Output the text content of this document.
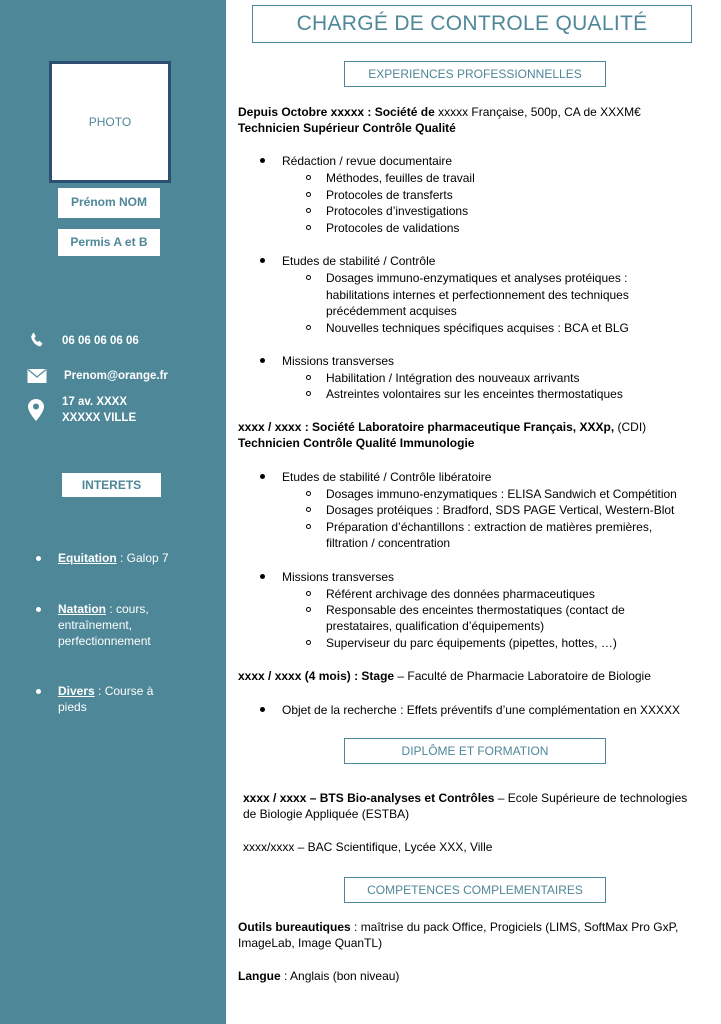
PHOTO
Prénom NOM
Permis A et B
06 06 06 06 06
Prenom@orange.fr
17 av. XXXX
XXXXX VILLE
INTERETS
Equitation : Galop 7
Natation : cours, entraînement, perfectionnement
Divers : Course à pieds
CHARGÉ DE CONTROLE QUALITÉ
EXPERIENCES PROFESSIONNELLES
Depuis Octobre xxxxx : Société de xxxxx Française, 500p, CA de XXXM€
Technicien Supérieur Contrôle Qualité
Rédaction / revue documentaire
Méthodes, feuilles de travail
Protocoles de transferts
Protocoles d’investigations
Protocoles de validations
Etudes de stabilité / Contrôle
Dosages immuno-enzymatiques et analyses protéiques :
habilitations internes et perfectionnement des techniques
précédemment acquises
Nouvelles techniques spécifiques acquises : BCA et BLG
Missions transverses
Habilitation / Intégration des nouveaux arrivants
Astreintes volontaires sur les enceintes thermostatiques
xxxx / xxxx : Société Laboratoire pharmaceutique Français, XXXp, (CDI)
Technicien Contrôle Qualité Immunologie
Etudes de stabilité / Contrôle libératoire
Dosages immuno-enzymatiques : ELISA Sandwich et Compétition
Dosages protéiques : Bradford, SDS PAGE Vertical, Western-Blot
Préparation d’échantillons : extraction de matières premières,
filtration / concentration
Missions transverses
Référent archivage des données pharmaceutiques
Responsable des enceintes thermostatiques (contact de
prestataires, qualification d’équipements)
Superviseur du parc équipements (pipettes, hottes, …)
xxxx / xxxx (4 mois) : Stage – Faculté de Pharmacie Laboratoire de Biologie
Objet de la recherche : Effets préventifs d’une complémentation en XXXXX
DIPLÔME ET FORMATION
xxxx / xxxx – BTS Bio-analyses et Contrôles – Ecole Supérieure de technologies
de Biologie Appliquée (ESTBA)
xxxx/xxxx – BAC Scientifique, Lycée XXX, Ville
COMPETENCES COMPLEMENTAIRES
Outils bureautiques : maîtrise du pack Office, Progiciels (LIMS, SoftMax Pro GxP,
ImageLab, Image QuanTL)
Langue : Anglais (bon niveau)
